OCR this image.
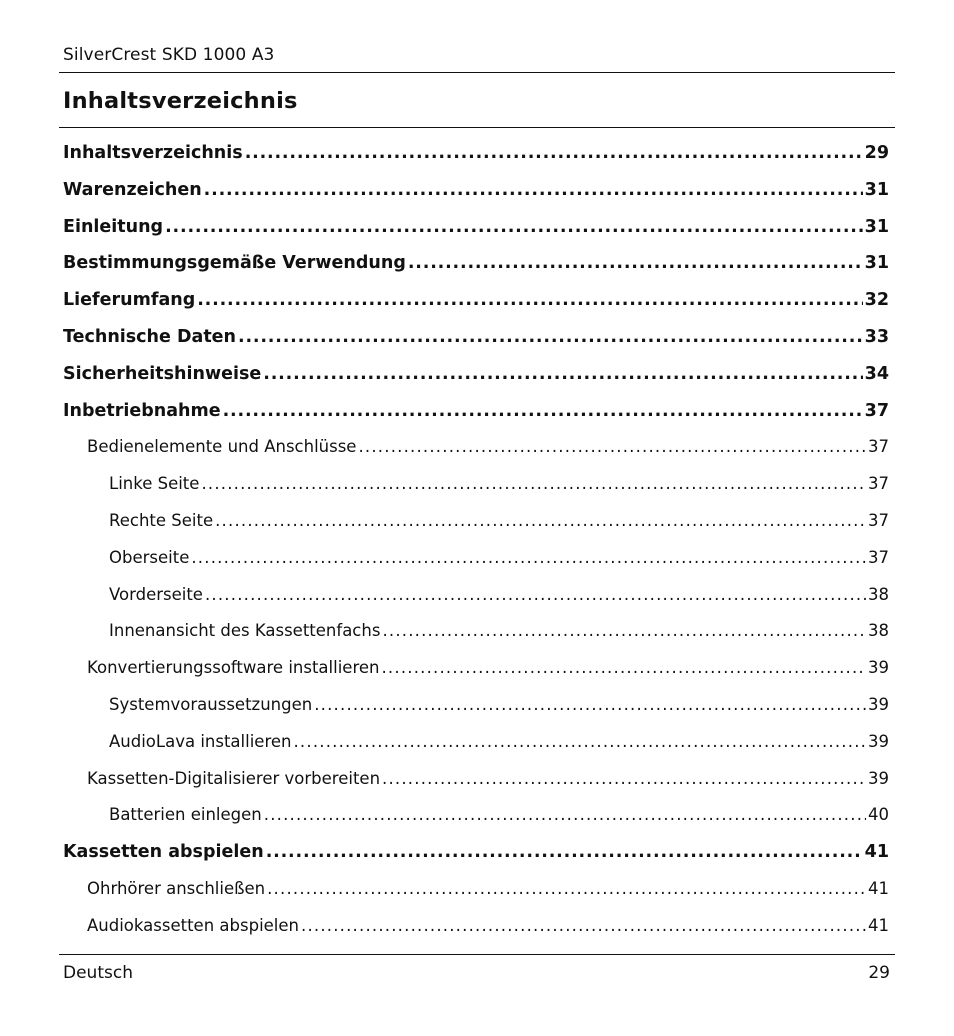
SilverCrest SKD 1000 A3
Inhaltsverzeichnis
Inhaltsverzeichnis .....	29
Warenzeichen .....	31
Einleitung .....	31
Bestimmungsgemäße Verwendung .....	31
Lieferumfang .....	32
Technische Daten .....	33
Sicherheitshinweise .....	34
Inbetriebnahme .....	37
Bedienelemente und Anschlüsse .....	37
Linke Seite .....	37
Rechte Seite .....	37
Oberseite .....	37
Vorderseite .....	38
Innenansicht des Kassettenfachs .....	38
Konvertierungssoftware installieren .....	39
Systemvoraussetzungen .....	39
AudioLava installieren .....	39
Kassetten-Digitalisierer vorbereiten .....	39
Batterien einlegen .....	40
Kassetten abspielen .....	41
Ohrhörer anschließen .....	41
Audiokassetten abspielen .....	41
Deutsch	29
